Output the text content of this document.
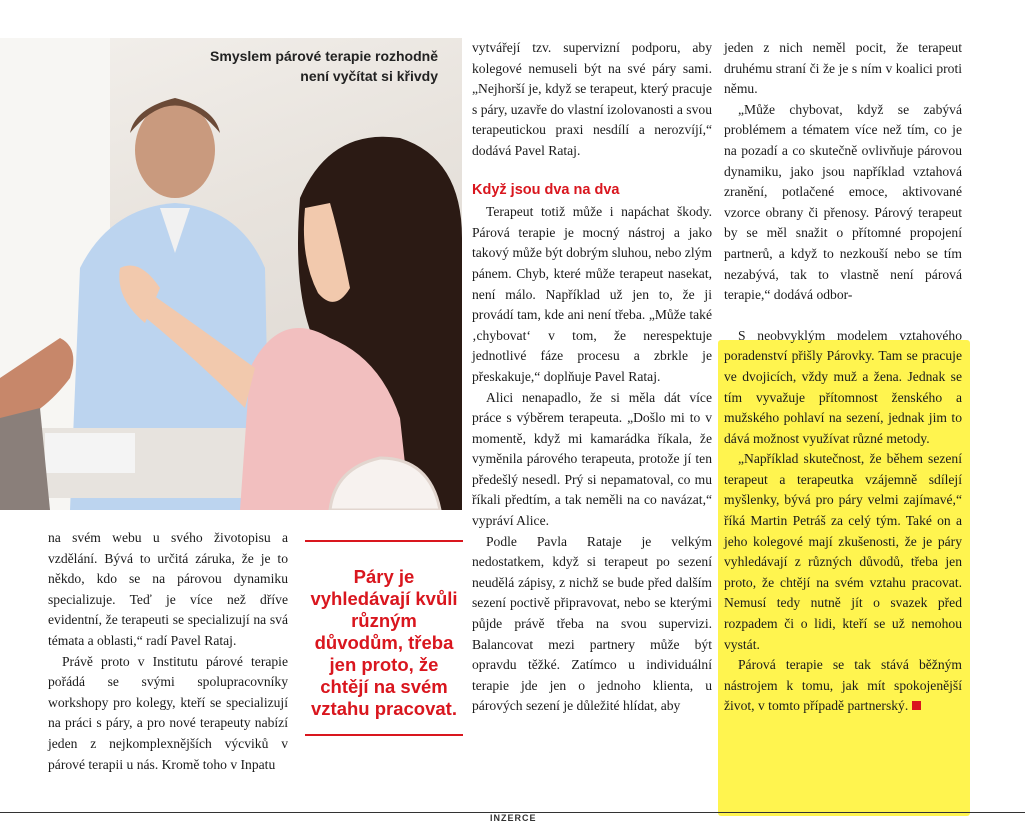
Smyslem párové terapie rozhodně
není vyčítat si křivdy

na svém webu u svého životopisu a vzdělání. Bývá to určitá záruka, že je to někdo, kdo se na párovou dynamiku specializuje. Teď je více než dříve evidentní, že terapeuti se specializují na svá témata a oblasti,“ radí Pavel Rataj.

Právě proto v Institutu párové terapie pořádá se svými spolupracovníky workshopy pro kolegy, kteří se specializují na práci s páry, a pro nové terapeuty nabízí jeden z nejkomplexnějších výcviků v párové terapii u nás. Kromě toho v Inpatu

Páry je vyhledávají kvůli různým důvodům, třeba jen proto, že chtějí na svém vztahu pracovat.

vytvářejí tzv. supervizní podporu, aby kolegové nemuseli být na své páry sami. „Nejhorší je, když se terapeut, který pracuje s páry, uzavře do vlastní izolovanosti a svou terapeutickou praxi nesdílí a nerozvíjí,“ dodává Pavel Rataj.

Když jsou dva na dva

Terapeut totiž může i napáchat škody. Párová terapie je mocný nástroj a jako takový může být dobrým sluhou, nebo zlým pánem. Chyb, které může terapeut nasekat, není málo. Například už jen to, že ji provádí tam, kde ani není třeba. „Může také ‚chybovat‘ v tom, že nerespektuje jednotlivé fáze procesu a zbrkle je přeskakuje,“ doplňuje Pavel Rataj.

Alici nenapadlo, že si měla dát více práce s výběrem terapeuta. „Došlo mi to v momentě, když mi kamarádka říkala, že vyměnila párového terapeuta, protože jí ten předešlý nesedl. Prý si nepamatoval, co mu říkali předtím, a tak neměli na co navázat,“ vypráví Alice.

Podle Pavla Rataje je velkým nedostatkem, když si terapeut po sezení neudělá zápisy, z nichž se bude před dalším sezení poctivě připravovat, nebo se kterými půjde právě třeba na svou supervizi. Balancovat mezi partnery může být opravdu těžké. Zatímco u individuální terapie jde jen o jednoho klienta, u párových sezení je důležité hlídat, aby

jeden z nich neměl pocit, že terapeut druhému straní či že je s ním v koalici proti němu.

„Může chybovat, když se zabývá problémem a tématem více než tím, co je na pozadí a co skutečně ovlivňuje párovou dynamiku, jako jsou například vztahová zranění, potlačené emoce, aktivované vzorce obrany či přenosy. Párový terapeut by se měl snažit o přítomné propojení partnerů, a když to nezkouší nebo se tím nezabývá, tak to vlastně není párová terapie,“ dodává odbor-

S neobvyklým modelem vztahového poradenství přišly Párovky. Tam se pracuje ve dvojicích, vždy muž a žena. Jednak se tím vyvažuje přítomnost ženského a mužského pohlaví na sezení, jednak jim to dává možnost využívat různé metody.

„Například skutečnost, že během sezení terapeut a terapeutka vzájemně sdílejí myšlenky, bývá pro páry velmi zajímavé,“ říká Martin Petráš za celý tým. Také on a jeho kolegové mají zkušenosti, že je páry vyhledávají z různých důvodů, třeba jen proto, že chtějí na svém vztahu pracovat. Nemusí tedy nutně jít o svazek před rozpadem či o lidi, kteří se už nemohou vystát.

Párová terapie se tak stává běžným nástrojem k tomu, jak mít spokojenější život, v tomto případě partnerský.

INZERCE
